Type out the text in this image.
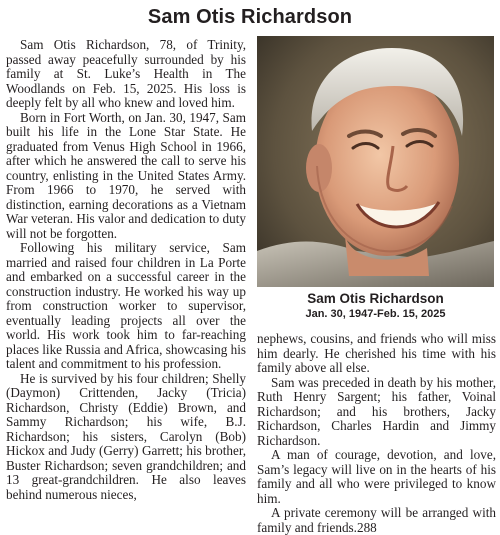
Sam Otis Richardson

Sam Otis Richardson, 78, of Trinity, passed away peacefully surrounded by his family at St. Luke’s Health in The Woodlands on Feb. 15, 2025. His loss is deeply felt by all who knew and loved him.

Born in Fort Worth, on Jan. 30, 1947, Sam built his life in the Lone Star State. He graduated from Venus High School in 1966, after which he answered the call to serve his country, enlisting in the United States Army. From 1966 to 1970, he served with distinction, earning decorations as a Vietnam War veteran. His valor and dedication to duty will not be forgotten.

Following his military service, Sam married and raised four children in La Porte and embarked on a successful career in the construction industry. He worked his way up from construction worker to supervisor, eventually leading projects all over the world. His work took him to far-reaching places like Russia and Africa, showcasing his talent and commitment to his profession.

He is survived by his four children; Shelly (Daymon) Crittenden, Jacky (Tricia) Richardson, Christy (Eddie) Brown, and Sammy Richardson; his wife, B.J. Richardson; his sisters, Carolyn (Bob) Hickox and Judy (Gerry) Garrett; his brother, Buster Richardson; seven grandchildren; and 13 great-grandchildren. He also leaves behind numerous nieces,

Sam Otis Richardson
Jan. 30, 1947-Feb. 15, 2025

nephews, cousins, and friends who will miss him dearly. He cherished his time with his family above all else.

Sam was preceded in death by his mother, Ruth Henry Sargent; his father, Voinal Richardson; and his brothers, Jacky Richardson, Charles Hardin and Jimmy Richardson.

A man of courage, devotion, and love, Sam’s legacy will live on in the hearts of his family and all who were privileged to know him.

A private ceremony will be arranged with family and friends.288
